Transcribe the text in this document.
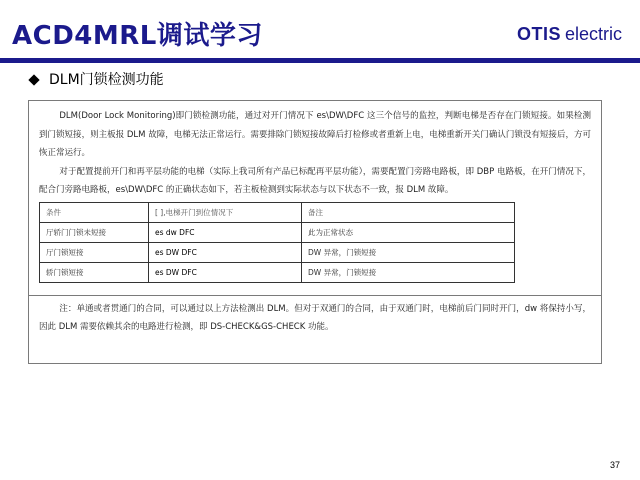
ACD4MRL调试学习	OTIS electric
DLM门锁检测功能

DLM(Door Lock Monitoring)即门锁检测功能，通过对开门情况下 es\DW\DFC 这三个信号的监控，判断电梯是否存在门锁短接。如果检测到门锁短接，则主板报 DLM 故障，电梯无法正常运行。需要排除门锁短接故障后打检修或者重新上电，电梯重新开关门确认门锁没有短接后，方可恢正常运行。

对于配置提前开门和再平层功能的电梯（实际上我司所有产品已标配再平层功能），需要配置门旁路电路板，即 DBP 电路板，在开门情况下，配合门旁路电路板，es\DW\DFC 的正确状态如下，若主板检测到实际状态与以下状态不一致，报 DLM 故障。

条件	[ ],电梯开门到位情况下	备注
厅轿门门锁未短接	es dw DFC	此为正常状态
厅门锁短接	es DW DFC	DW 异常，门锁短接
轿门锁短接	es DW DFC	DW 异常，门锁短接

注：单通或者贯通门的合同，可以通过以上方法检测出 DLM。但对于双通门的合同，由于双通门时，电梯前后门同时开门，dw 将保持小写，因此 DLM 需要依赖其余的电路进行检测，即 DS-CHECK&GS-CHECK 功能。

37
